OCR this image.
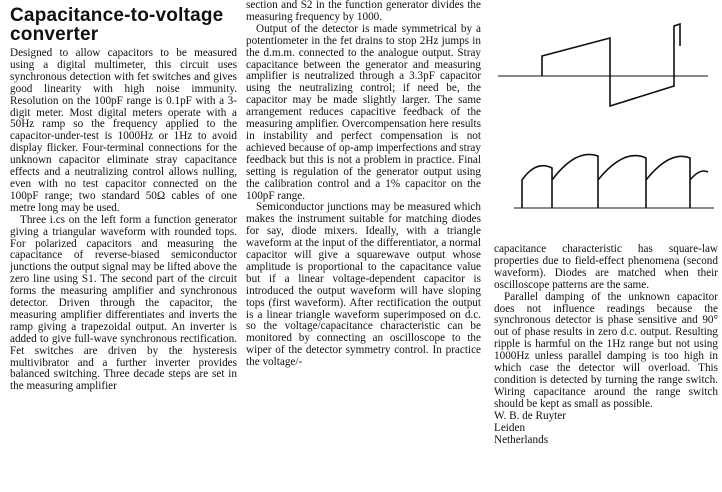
Capacitance-to-voltage
converter

Designed to allow capacitors to be measured using a digital multimeter, this circuit uses synchronous detection with fet switches and gives good linearity with high noise immunity. Resolution on the 100pF range is 0.1pF with a 3-digit meter. Most digital meters operate with a 50Hz ramp so the frequency applied to the capacitor-under-test is 1000Hz or 1Hz to avoid display flicker. Four-terminal connections for the unknown capacitor eliminate stray capacitance effects and a neutralizing control allows nulling, even with no test capacitor connected on the 100pF range; two standard 50Ω cables of one metre long may be used.

Three i.cs on the left form a function generator giving a triangular waveform with rounded tops. For polarized capacitors and measuring the capacitance of reverse-biased semiconductor junctions the output signal may be lifted above the zero line using S1. The second part of the circuit forms the measuring amplifier and synchronous detector. Driven through the capacitor, the measuring amplifier differentiates and inverts the ramp giving a trapezoidal output. An inverter is added to give full-wave synchronous rectification. Fet switches are driven by the hysteresis multivibrator and a further inverter provides balanced switching. Three decade steps are set in the measuring amplifier

section and S2 in the function generator divides the measuring frequency by 1000.

Output of the detector is made symmetrical by a potentiometer in the fet drains to stop 2Hz jumps in the d.m.m. connected to the analogue output. Stray capacitance between the generator and measuring amplifier is neutralized through a 3.3pF capacitor using the neutralizing control; if need be, the capacitor may be made slightly larger. The same arrangement reduces capacitive feedback of the measuring amplifier. Overcompensation here results in instability and perfect compensation is not achieved because of op-amp imperfections and stray feedback but this is not a problem in practice. Final setting is regulation of the generator output using the calibration control and a 1% capacitor on the 100pF range.

Semiconductor junctions may be measured which makes the instrument suitable for matching diodes for say, diode mixers. Ideally, with a triangle waveform at the input of the differentiator, a normal capacitor will give a squarewave output whose amplitude is proportional to the capacitance value but if a linear voltage-dependent capacitor is introduced the output waveform will have sloping tops (first waveform). After rectification the output is a linear triangle waveform superimposed on d.c. so the voltage/capacitance characteristic can be monitored by connecting an oscilloscope to the wiper of the detector symmetry control. In practice the voltage/-

capacitance characteristic has square-law properties due to field-effect phenomena (second waveform). Diodes are matched when their oscilloscope patterns are the same.

Parallel damping of the unknown capacitor does not influence readings because the synchronous detector is phase sensitive and 90° out of phase results in zero d.c. output. Resulting ripple is harmful on the 1Hz range but not using 1000Hz unless parallel damping is too high in which case the detector will overload. This condition is detected by turning the range switch. Wiring capacitance around the range switch should be kept as small as possible.

W. B. de Ruyter

Leiden

Netherlands
